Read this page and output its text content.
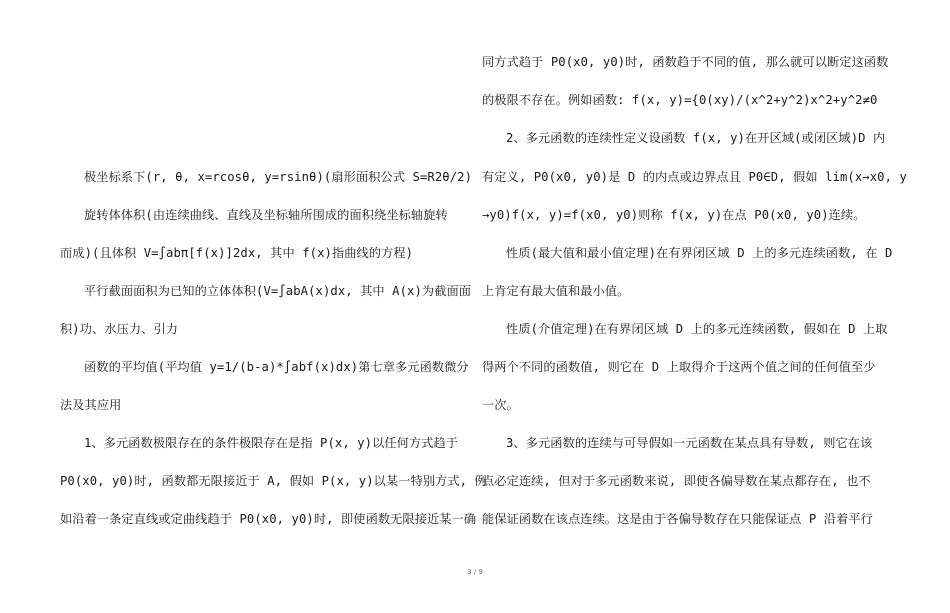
极坐标系下(r, θ, x=rcosθ, y=rsinθ)(扇形面积公式 S=R2θ/2)
旋转体体积(由连续曲线、直线及坐标轴所围成的面积绕坐标轴旋转
而成)(且体积 V=∫abπ[f(x)]2dx, 其中 f(x)指曲线的方程)
平行截面面积为已知的立体体积(V=∫abA(x)dx, 其中 A(x)为截面面
积)功、水压力、引力
函数的平均值(平均值 y=1/(b-a)*∫abf(x)dx)第七章多元函数微分
法及其应用
1、多元函数极限存在的条件极限存在是指 P(x, y)以任何方式趋于
P0(x0, y0)时, 函数都无限接近于 A, 假如 P(x, y)以某一特别方式, 例
如沿着一条定直线或定曲线趋于 P0(x0, y0)时, 即使函数无限接近某一确
同方式趋于 P0(x0, y0)时, 函数趋于不同的值, 那么就可以断定这函数
的极限不存在。例如函数: f(x, y)={0(xy)/(x^2+y^2)x^2+y^2≠0
2、多元函数的连续性定义设函数 f(x, y)在开区域(或闭区域)D 内
有定义, P0(x0, y0)是 D 的内点或边界点且 P0∈D, 假如 lim(x→x0, y
→y0)f(x, y)=f(x0, y0)则称 f(x, y)在点 P0(x0, y0)连续。
性质(最大值和最小值定理)在有界闭区域 D 上的多元连续函数, 在 D
上肯定有最大值和最小值。
性质(介值定理)在有界闭区域 D 上的多元连续函数, 假如在 D 上取
得两个不同的函数值, 则它在 D 上取得介于这两个值之间的任何值至少
一次。
3、多元函数的连续与可导假如一元函数在某点具有导数, 则它在该
点必定连续, 但对于多元函数来说, 即使各偏导数在某点都存在, 也不
能保证函数在该点连续。这是由于各偏导数存在只能保证点 P 沿着平行
3 / 9
